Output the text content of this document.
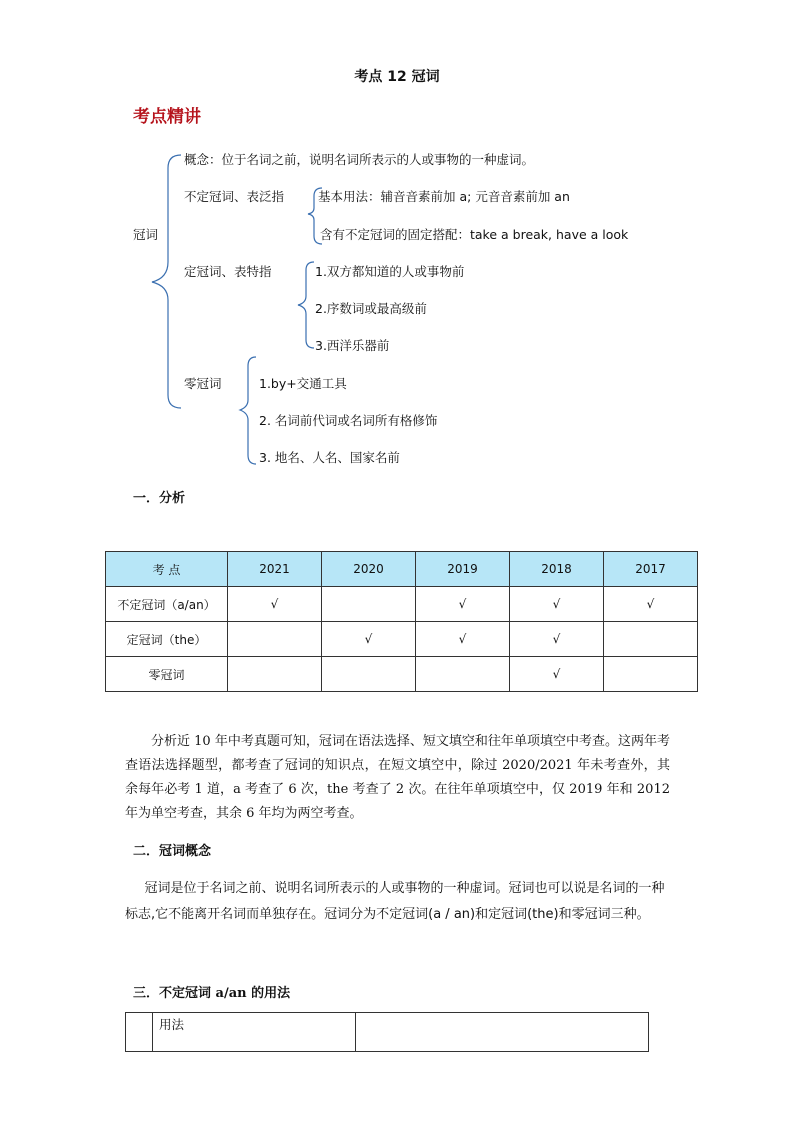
考点 12 冠词
考点精讲
冠词
概念：位于名词之前，说明名词所表示的人或事物的一种虚词。
不定冠词、表泛指	基本用法：辅音音素前加 a; 元音音素前加 an
含有不定冠词的固定搭配：take a break, have a look
定冠词、表特指	1.双方都知道的人或事物前
2.序数词或最高级前
3.西洋乐器前
零冠词	1.by+交通工具
2. 名词前代词或名词所有格修饰
3. 地名、人名、国家名前
一．分析
考 点	2021	2020	2019	2018	2017
不定冠词（a/an）	√		√	√	√
定冠词（the）		√	√	√	
零冠词				√	
分析近 10 年中考真题可知，冠词在语法选择、短文填空和往年单项填空中考查。这两年考查语法选择题型，都考查了冠词的知识点，在短文填空中，除过 2020/2021 年未考查外，其余每年必考 1 道，a 考查了 6 次，the 考查了 2 次。在往年单项填空中，仅 2019 年和 2012 年为单空考查，其余 6 年均为两空考查。
二．冠词概念
冠词是位于名词之前、说明名词所表示的人或事物的一种虚词。冠词也可以说是名词的一种标志,它不能离开名词而单独存在。冠词分为不定冠词(a / an)和定冠词(the)和零冠词三种。
三．不定冠词 a/an 的用法
	用法	
